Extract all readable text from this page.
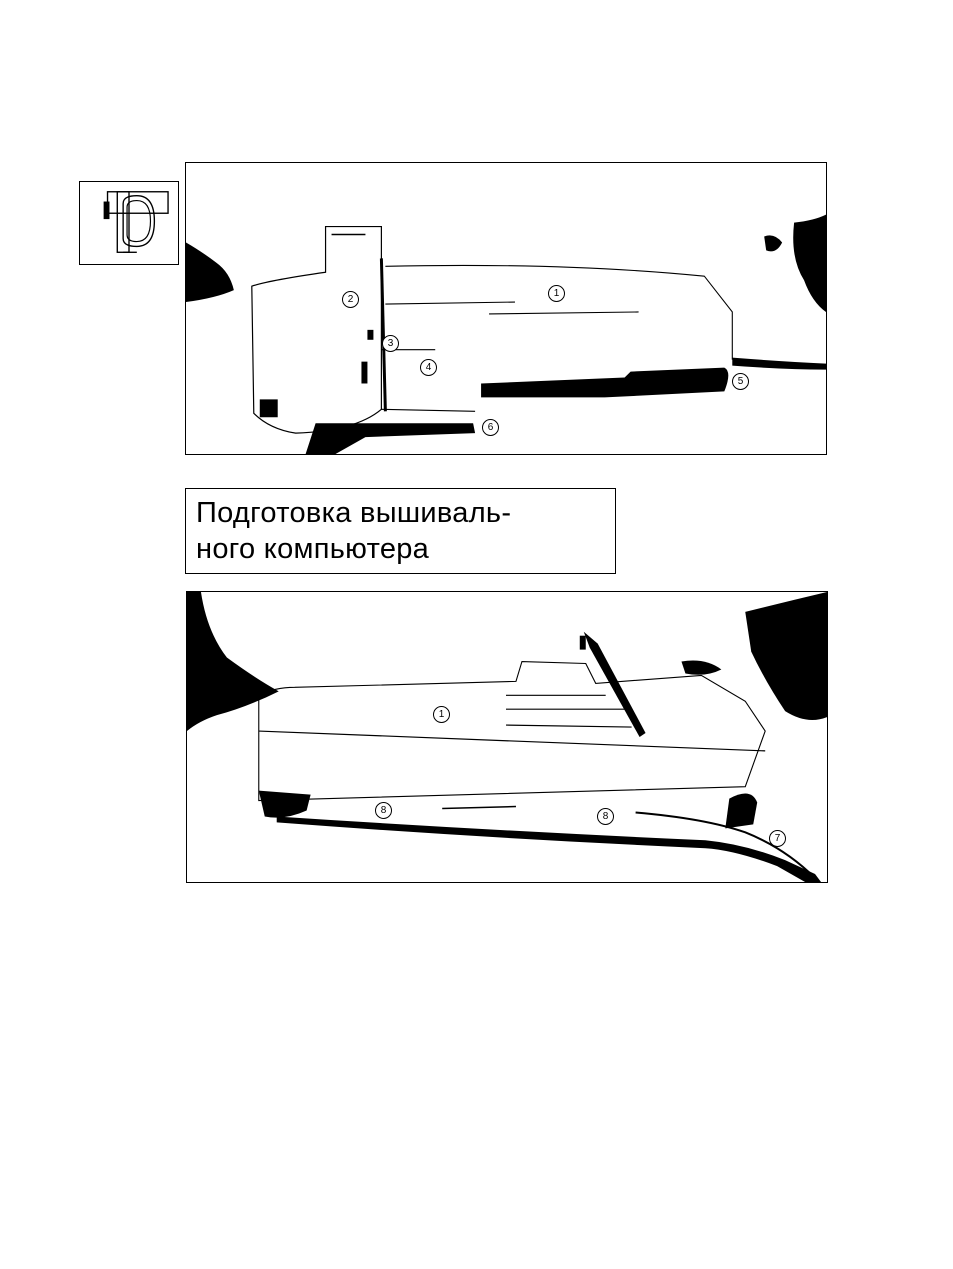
1
2
3
4
5
6
Подготовка вышиваль-
ного компьютера
1
8
8
7
